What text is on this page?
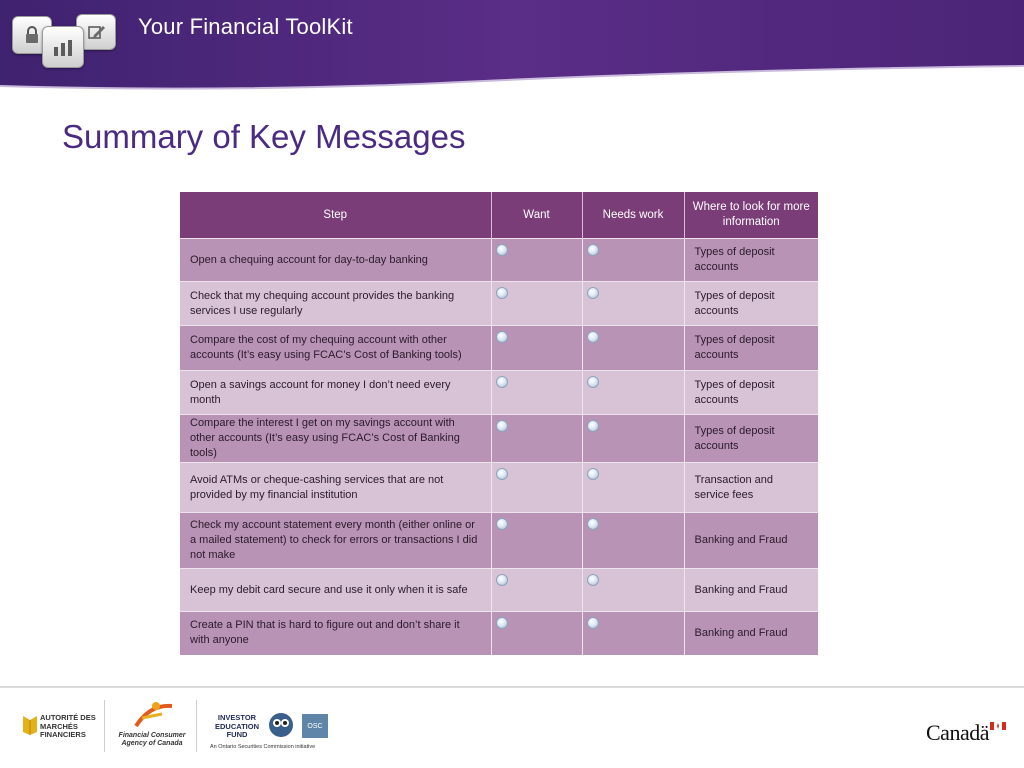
Your Financial ToolKit
Summary of Key Messages
Step	Want	Needs work	Where to look for more information
Open a chequing account for day-to-day banking			Types of deposit accounts
Check that my chequing account provides the banking services I use regularly			Types of deposit accounts
Compare the cost of my chequing account with other accounts (It’s easy using FCAC’s Cost of Banking tools)			Types of deposit accounts
Open a savings account for money I don’t need every month			Types of deposit accounts
Compare the interest I get on my savings account with other accounts (It’s easy using FCAC’s Cost of Banking tools)			Types of deposit accounts
Avoid ATMs or cheque-cashing services that are not provided by my financial institution			Transaction and service fees
Check my account statement every month (either online or a mailed statement) to check for errors or transactions I did not make			Banking and Fraud
Keep my debit card secure and use it only when it is safe			Banking and Fraud
Create a PIN that is hard to figure out and don’t share it with anyone			Banking and Fraud
AUTORITÉ DES MARCHÉS FINANCIERS	Financial Consumer Agency of Canada
INVESTOR EDUCATION FUND
OSC
An Ontario Securities Commission initiative
Canadä
